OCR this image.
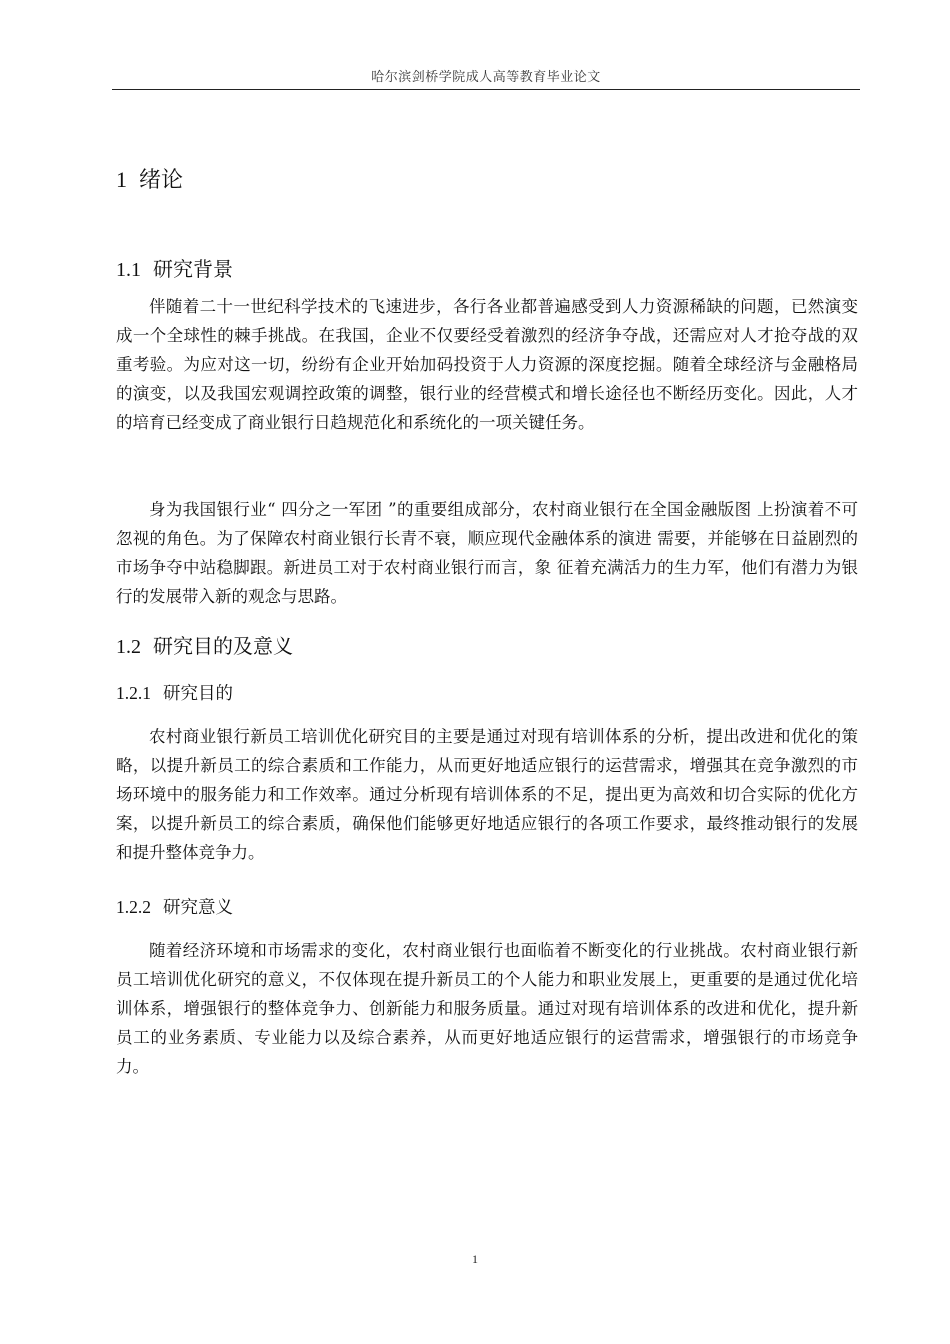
哈尔滨剑桥学院成人高等教育毕业论文
1 绪论
1.1 研究背景

伴随着二十一世纪科学技术的飞速进步，各行各业都普遍感受到人力资源稀缺的问题，已然演变成一个全球性的棘手挑战。在我国，企业不仅要经受着激烈的经济争夺战，还需应对人才抢夺战的双重考验。为应对这一切，纷纷有企业开始加码投资于人力资源的深度挖掘。随着全球经济与金融格局的演变，以及我国宏观调控政策的调整，银行业的经营模式和增长途径也不断经历变化。因此，人才的培育已经变成了商业银行日趋规范化和系统化的一项关键任务。

身为我国银行业“ 四分之一军团 ”的重要组成部分，农村商业银行在全国金融版图 上扮演着不可忽视的角色。为了保障农村商业银行长青不衰，顺应现代金融体系的演进 需要，并能够在日益剧烈的市场争夺中站稳脚跟。新进员工对于农村商业银行而言，象 征着充满活力的生力军，他们有潜力为银行的发展带入新的观念与思路。

1.2 研究目的及意义
1.2.1 研究目的

农村商业银行新员工培训优化研究目的主要是通过对现有培训体系的分析，提出改进和优化的策略，以提升新员工的综合素质和工作能力，从而更好地适应银行的运营需求，增强其在竞争激烈的市场环境中的服务能力和工作效率。通过分析现有培训体系的不足，提出更为高效和切合实际的优化方案，以提升新员工的综合素质，确保他们能够更好地适应银行的各项工作要求，最终推动银行的发展和提升整体竞争力。

1.2.2 研究意义

随着经济环境和市场需求的变化，农村商业银行也面临着不断变化的行业挑战。农村商业银行新员工培训优化研究的意义，不仅体现在提升新员工的个人能力和职业发展上，更重要的是通过优化培训体系，增强银行的整体竞争力、创新能力和服务质量。通过对现有培训体系的改进和优化，提升新员工的业务素质、专业能力以及综合素养，从而更好地适应银行的运营需求，增强银行的市场竞争力。

1
